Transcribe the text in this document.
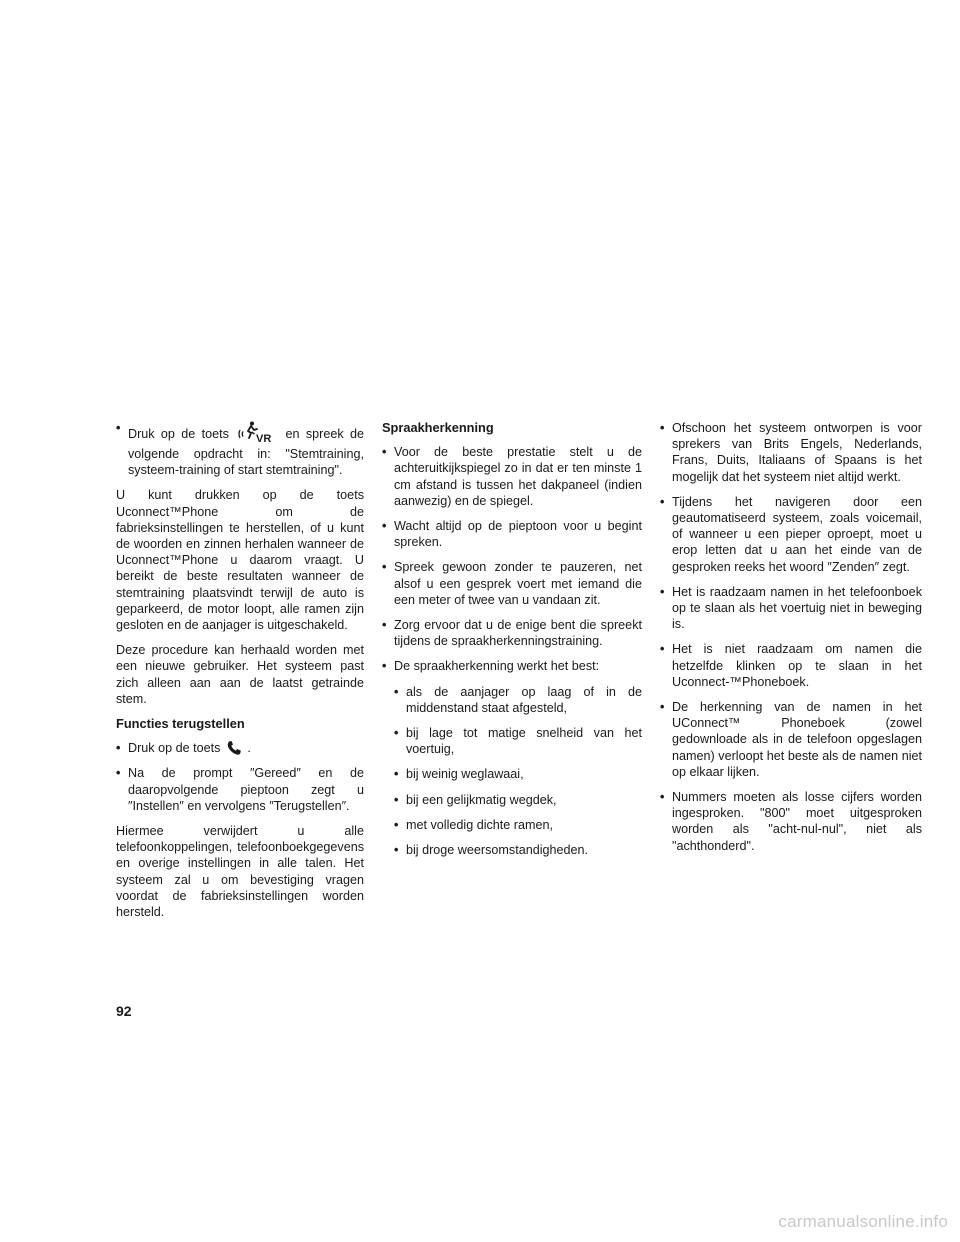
• Druk op de toets VR en spreek de volgende opdracht in: "Stemtraining, systeem-training of start stemtraining".

U kunt drukken op de toets Uconnect™Phone om de fabrieksinstellingen te herstellen, of u kunt de woorden en zinnen herhalen wanneer de Uconnect™Phone u daarom vraagt. U bereikt de beste resultaten wanneer de stemtraining plaatsvindt terwijl de auto is geparkeerd, de motor loopt, alle ramen zijn gesloten en de aanjager is uitgeschakeld.

Deze procedure kan herhaald worden met een nieuwe gebruiker. Het systeem past zich alleen aan aan de laatst getrainde stem.

Functies terugstellen
• Druk op de toets .
• Na de prompt ″Gereed″ en de daaropvolgende pieptoon zegt u ″Instellen″ en vervolgens ″Terugstellen″.

Hiermee verwijdert u alle telefoonkoppelingen, telefoonboekgegevens en overige instellingen in alle talen. Het systeem zal u om bevestiging vragen voordat de fabrieksinstellingen worden hersteld.

Spraakherkenning
• Voor de beste prestatie stelt u de achteruitkijkspiegel zo in dat er ten minste 1 cm afstand is tussen het dakpaneel (indien aanwezig) en de spiegel.
• Wacht altijd op de pieptoon voor u begint spreken.
• Spreek gewoon zonder te pauzeren, net alsof u een gesprek voert met iemand die een meter of twee van u vandaan zit.
• Zorg ervoor dat u de enige bent die spreekt tijdens de spraakherkenningstraining.
• De spraakherkenning werkt het best:
• als de aanjager op laag of in de middenstand staat afgesteld,
• bij lage tot matige snelheid van het voertuig,
• bij weinig weglawaai,
• bij een gelijkmatig wegdek,
• met volledig dichte ramen,
• bij droge weersomstandigheden.
• Ofschoon het systeem ontworpen is voor sprekers van Brits Engels, Nederlands, Frans, Duits, Italiaans of Spaans is het mogelijk dat het systeem niet altijd werkt.
• Tijdens het navigeren door een geautomatiseerd systeem, zoals voicemail, of wanneer u een pieper oproept, moet u erop letten dat u aan het einde van de gesproken reeks het woord ″Zenden″ zegt.
• Het is raadzaam namen in het telefoonboek op te slaan als het voertuig niet in beweging is.
• Het is niet raadzaam om namen die hetzelfde klinken op te slaan in het Uconnect-™Phoneboek.
• De herkenning van de namen in het UConnect™ Phoneboek (zowel gedownloade als in de telefoon opgeslagen namen) verloopt het beste als de namen niet op elkaar lijken.
• Nummers moeten als losse cijfers worden ingesproken. "800" moet uitgesproken worden als "acht-nul-nul", niet als "achthonderd".
92
carmanualsonline.info
